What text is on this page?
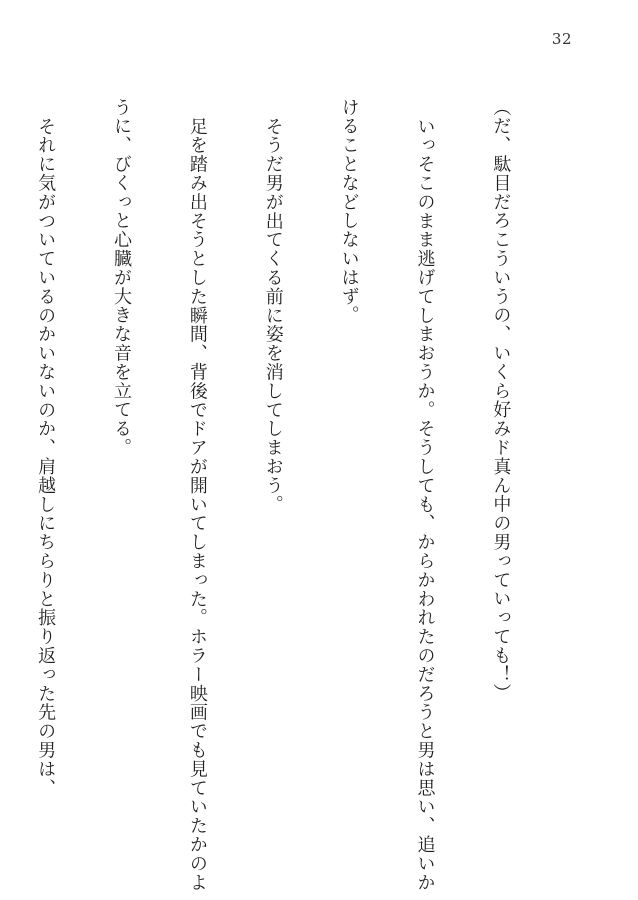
32

（だ、駄目だろこういうの、いくら好みド真ん中の男っていっても！）

いっそこのまま逃げてしまおうか。そうしても、からかわれたのだろうと男は思い、追いか

けることなどしないはず。

そうだ男が出てくる前に姿を消してしまおう。

足を踏み出そうとした瞬間、背後でドアが開いてしまった。ホラー映画でも見ていたかのよ

うに、びくっと心臓が大きな音を立てる。

それに気がついているのかいないのか、肩越しにちらりと振り返った先の男は、
